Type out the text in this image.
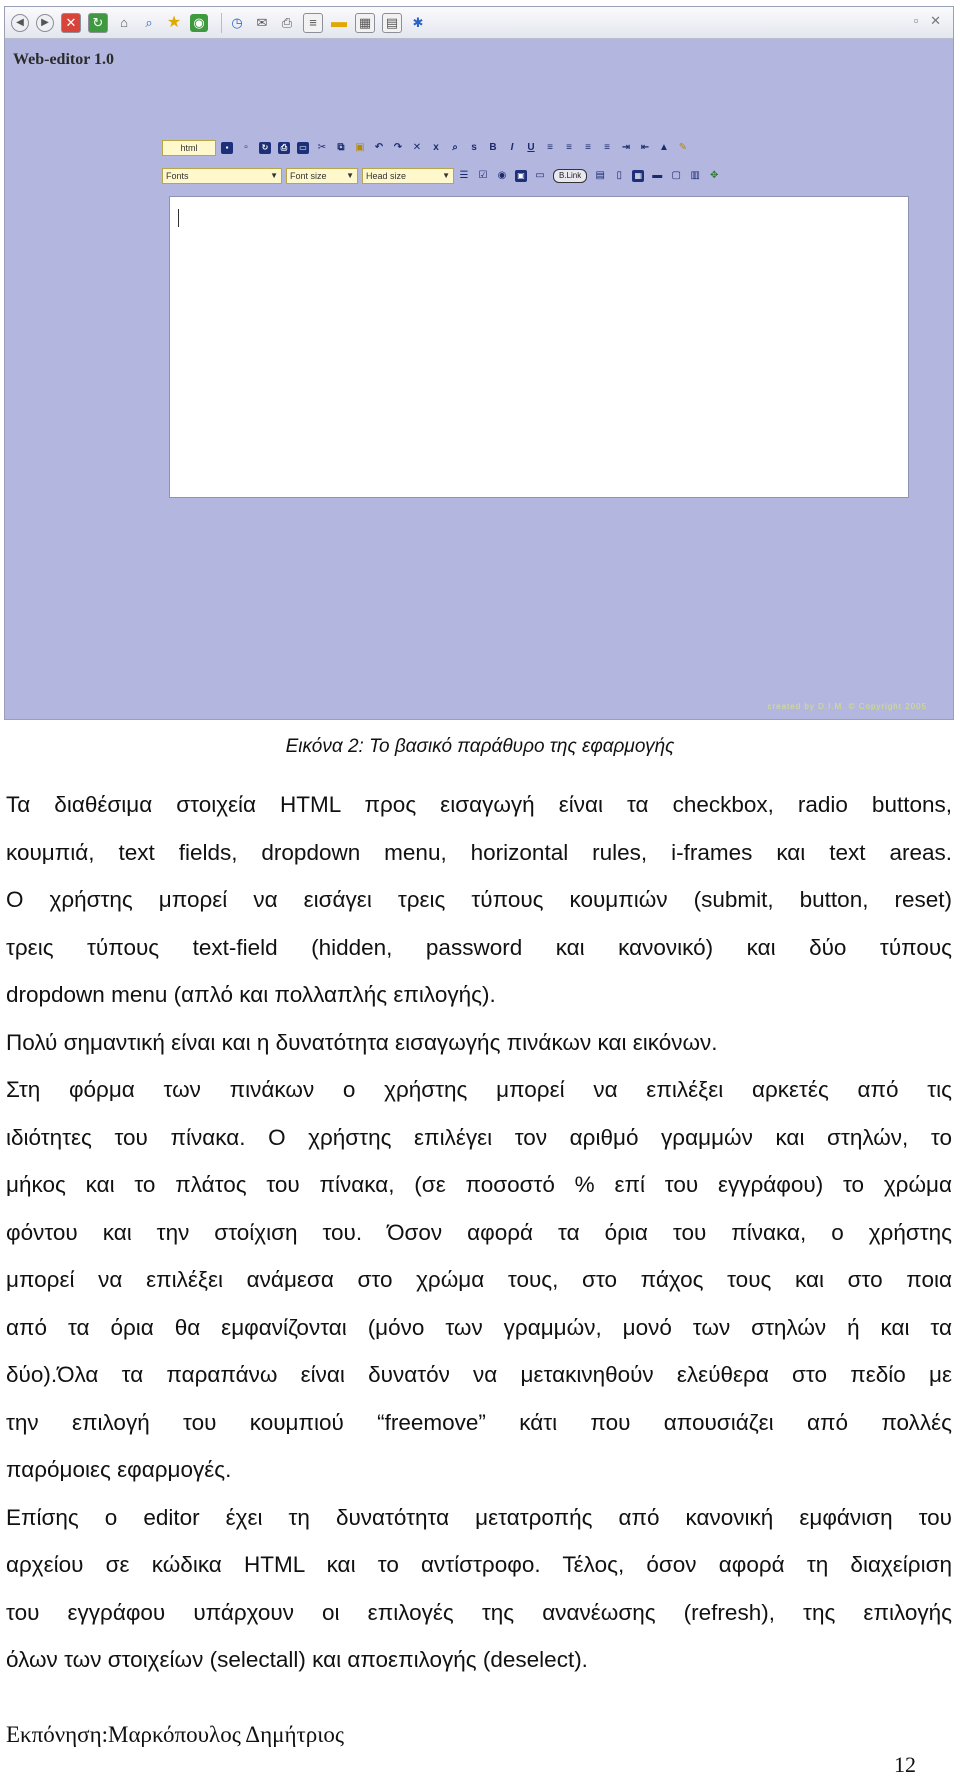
◀	▶	✕	↻	⌂	⌕ ★ ◉ ◷ ✉ ⎙	≡ ▬ ▦ ▤ ✱	▫ ✕
Web-editor 1.0
html	▪	▫	↻	⎙	▭ ✂ ⧉ ▣ ↶ ↷ ✕	x	⌕	s	B	I	U	≡	≡	≡	≡	⇥ ⇤ ▲ ✎
Fonts	▼ Font size ▼ Head size	▼ ☰ ☑ ◉ ▣ ▭	B.Link	▤	▯	▦ ▬ ▢ ▥ ✥
created by D.I.M. © Copyright 2005
Εικόνα 2: Το βασικό παράθυρο της εφαρμογής
Τα διαθέσιμα στοιχεία HTML προς εισαγωγή είναι τα checkbox, radio buttons,
κουμπιά, text fields, dropdown menu, horizontal rules, i-frames και text areas.
Ο χρήστης μπορεί να εισάγει τρεις τύπους κουμπιών (submit, button, reset)
τρεις τύπους text-field (hidden, password και κανονικό) και δύο τύπους
dropdown menu (απλό και πολλαπλής επιλογής).
Πολύ σημαντική είναι και η δυνατότητα εισαγωγής πινάκων και εικόνων.
Στη φόρμα των πινάκων ο χρήστης μπορεί να επιλέξει αρκετές από τις
ιδιότητες του πίνακα. Ο χρήστης επιλέγει τον αριθμό γραμμών και στηλών, το
μήκος και το πλάτος του πίνακα, (σε ποσοστό % επί του εγγράφου) το χρώμα
φόντου και την στοίχιση του. Όσον αφορά τα όρια του πίνακα, ο χρήστης
μπορεί να επιλέξει ανάμεσα στο χρώμα τους, στο πάχος τους και στο ποια
από τα όρια θα εμφανίζονται (μόνο των γραμμών, μονό των στηλών ή και τα
δύο).Όλα τα παραπάνω είναι δυνατόν να μετακινηθούν ελεύθερα στο πεδίο με
την επιλογή του κουμπιού “freemove” κάτι που απουσιάζει από πολλές
παρόμοιες εφαρμογές.
Επίσης ο editor έχει τη δυνατότητα μετατροπής από κανονική εμφάνιση του
αρχείου σε κώδικα HTML και το αντίστροφο. Τέλος, όσον αφορά τη διαχείριση
του εγγράφου υπάρχουν οι επιλογές της ανανέωσης (refresh), της επιλογής
όλων των στοιχείων (selectall) και αποεπιλογής (deselect).
Εκπόνηση:Μαρκόπουλος Δημήτριος
12
